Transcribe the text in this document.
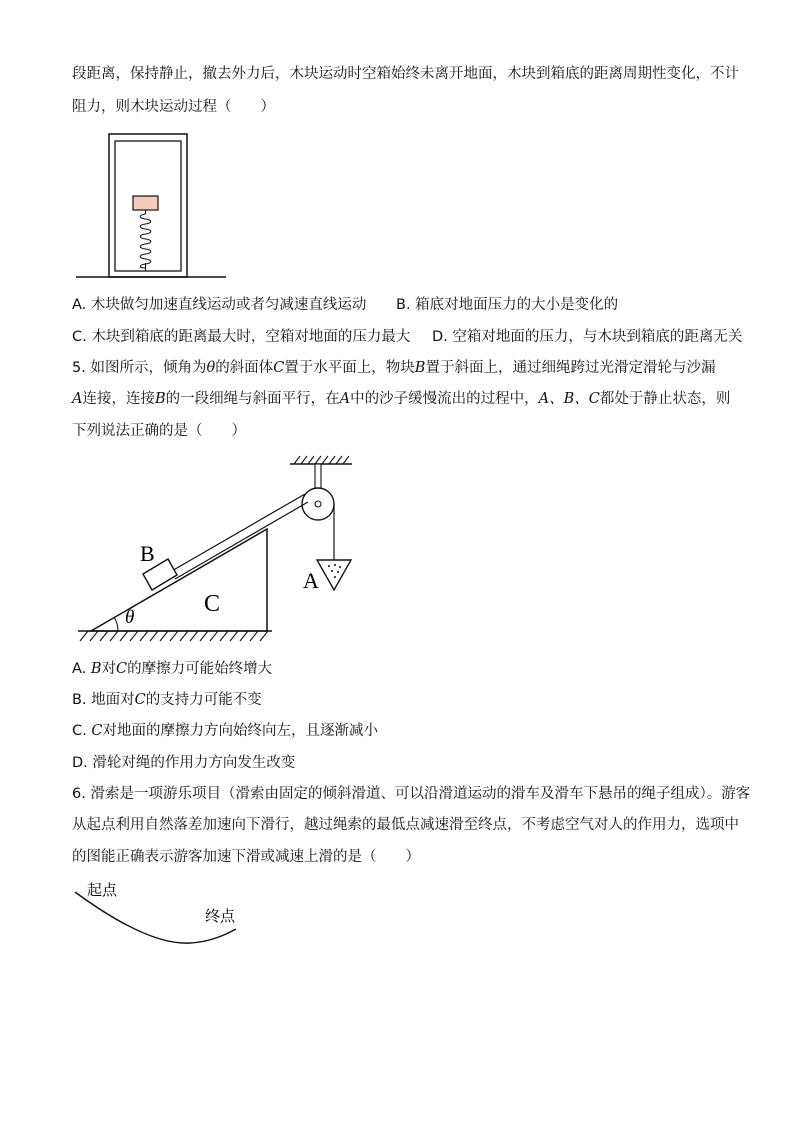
段距离，保持静止，撤去外力后，木块运动时空箱始终未离开地面，木块到箱底的距离周期性变化，不计
阻力，则木块运动过程（　　）
A. 木块做匀加速直线运动或者匀减速直线运动 B. 箱底对地面压力的大小是变化的
C. 木块到箱底的距离最大时，空箱对地面的压力最大 D. 空箱对地面的压力，与木块到箱底的距离无关
5. 如图所示，倾角为θ的斜面体C置于水平面上，物块B置于斜面上，通过细绳跨过光滑定滑轮与沙漏
A连接，连接B的一段细绳与斜面平行，在A中的沙子缓慢流出的过程中，A、B、C都处于静止状态，则
下列说法正确的是（　　）
B
C
A
θ
A. B对C的摩擦力可能始终增大
B. 地面对C的支持力可能不变
C. C对地面的摩擦力方向始终向左，且逐渐减小
D. 滑轮对绳的作用力方向发生改变
6. 滑索是一项游乐项目（滑索由固定的倾斜滑道、可以沿滑道运动的滑车及滑车下悬吊的绳子组成）。游客
从起点利用自然落差加速向下滑行，越过绳索的最低点减速滑至终点，不考虑空气对人的作用力，选项中
的图能正确表示游客加速下滑或减速上滑的是（　　）
起点
终点
